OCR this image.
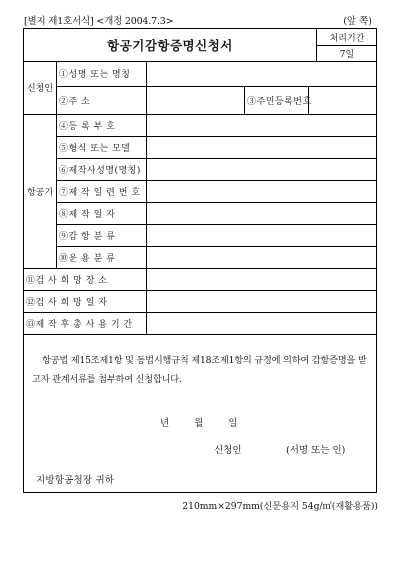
[별지 제1호서식] <개정 2004.7.3>	(앞 쪽)
항공기감항증명신청서	처리기간
7일
신청인
①성명 또는 명칭
②주 소	③주민등록번호
항공기
④등 록 부 호
⑤형식 또는 모델
⑥제작사성명(명칭)
⑦제 작 일 련 번 호
⑧제 작 일 자
⑨감 항 분 류
⑩운 용 분 류
⑪검 사 희 망 장 소
⑫검 사 희 망 일 자
⑬제 작 후 총 사 용 기 간
항공법 제15조제1항 및 동법시행규칙 제18조제1항의 규정에 의하여 감항증명을 받고자 관계서류를 첨부하여 신청합니다.
년 월 일
신청인	(서명 또는 인)
지방항공청장 귀하
210mm×297mm(신문용지 54g/㎡(재활용품))
